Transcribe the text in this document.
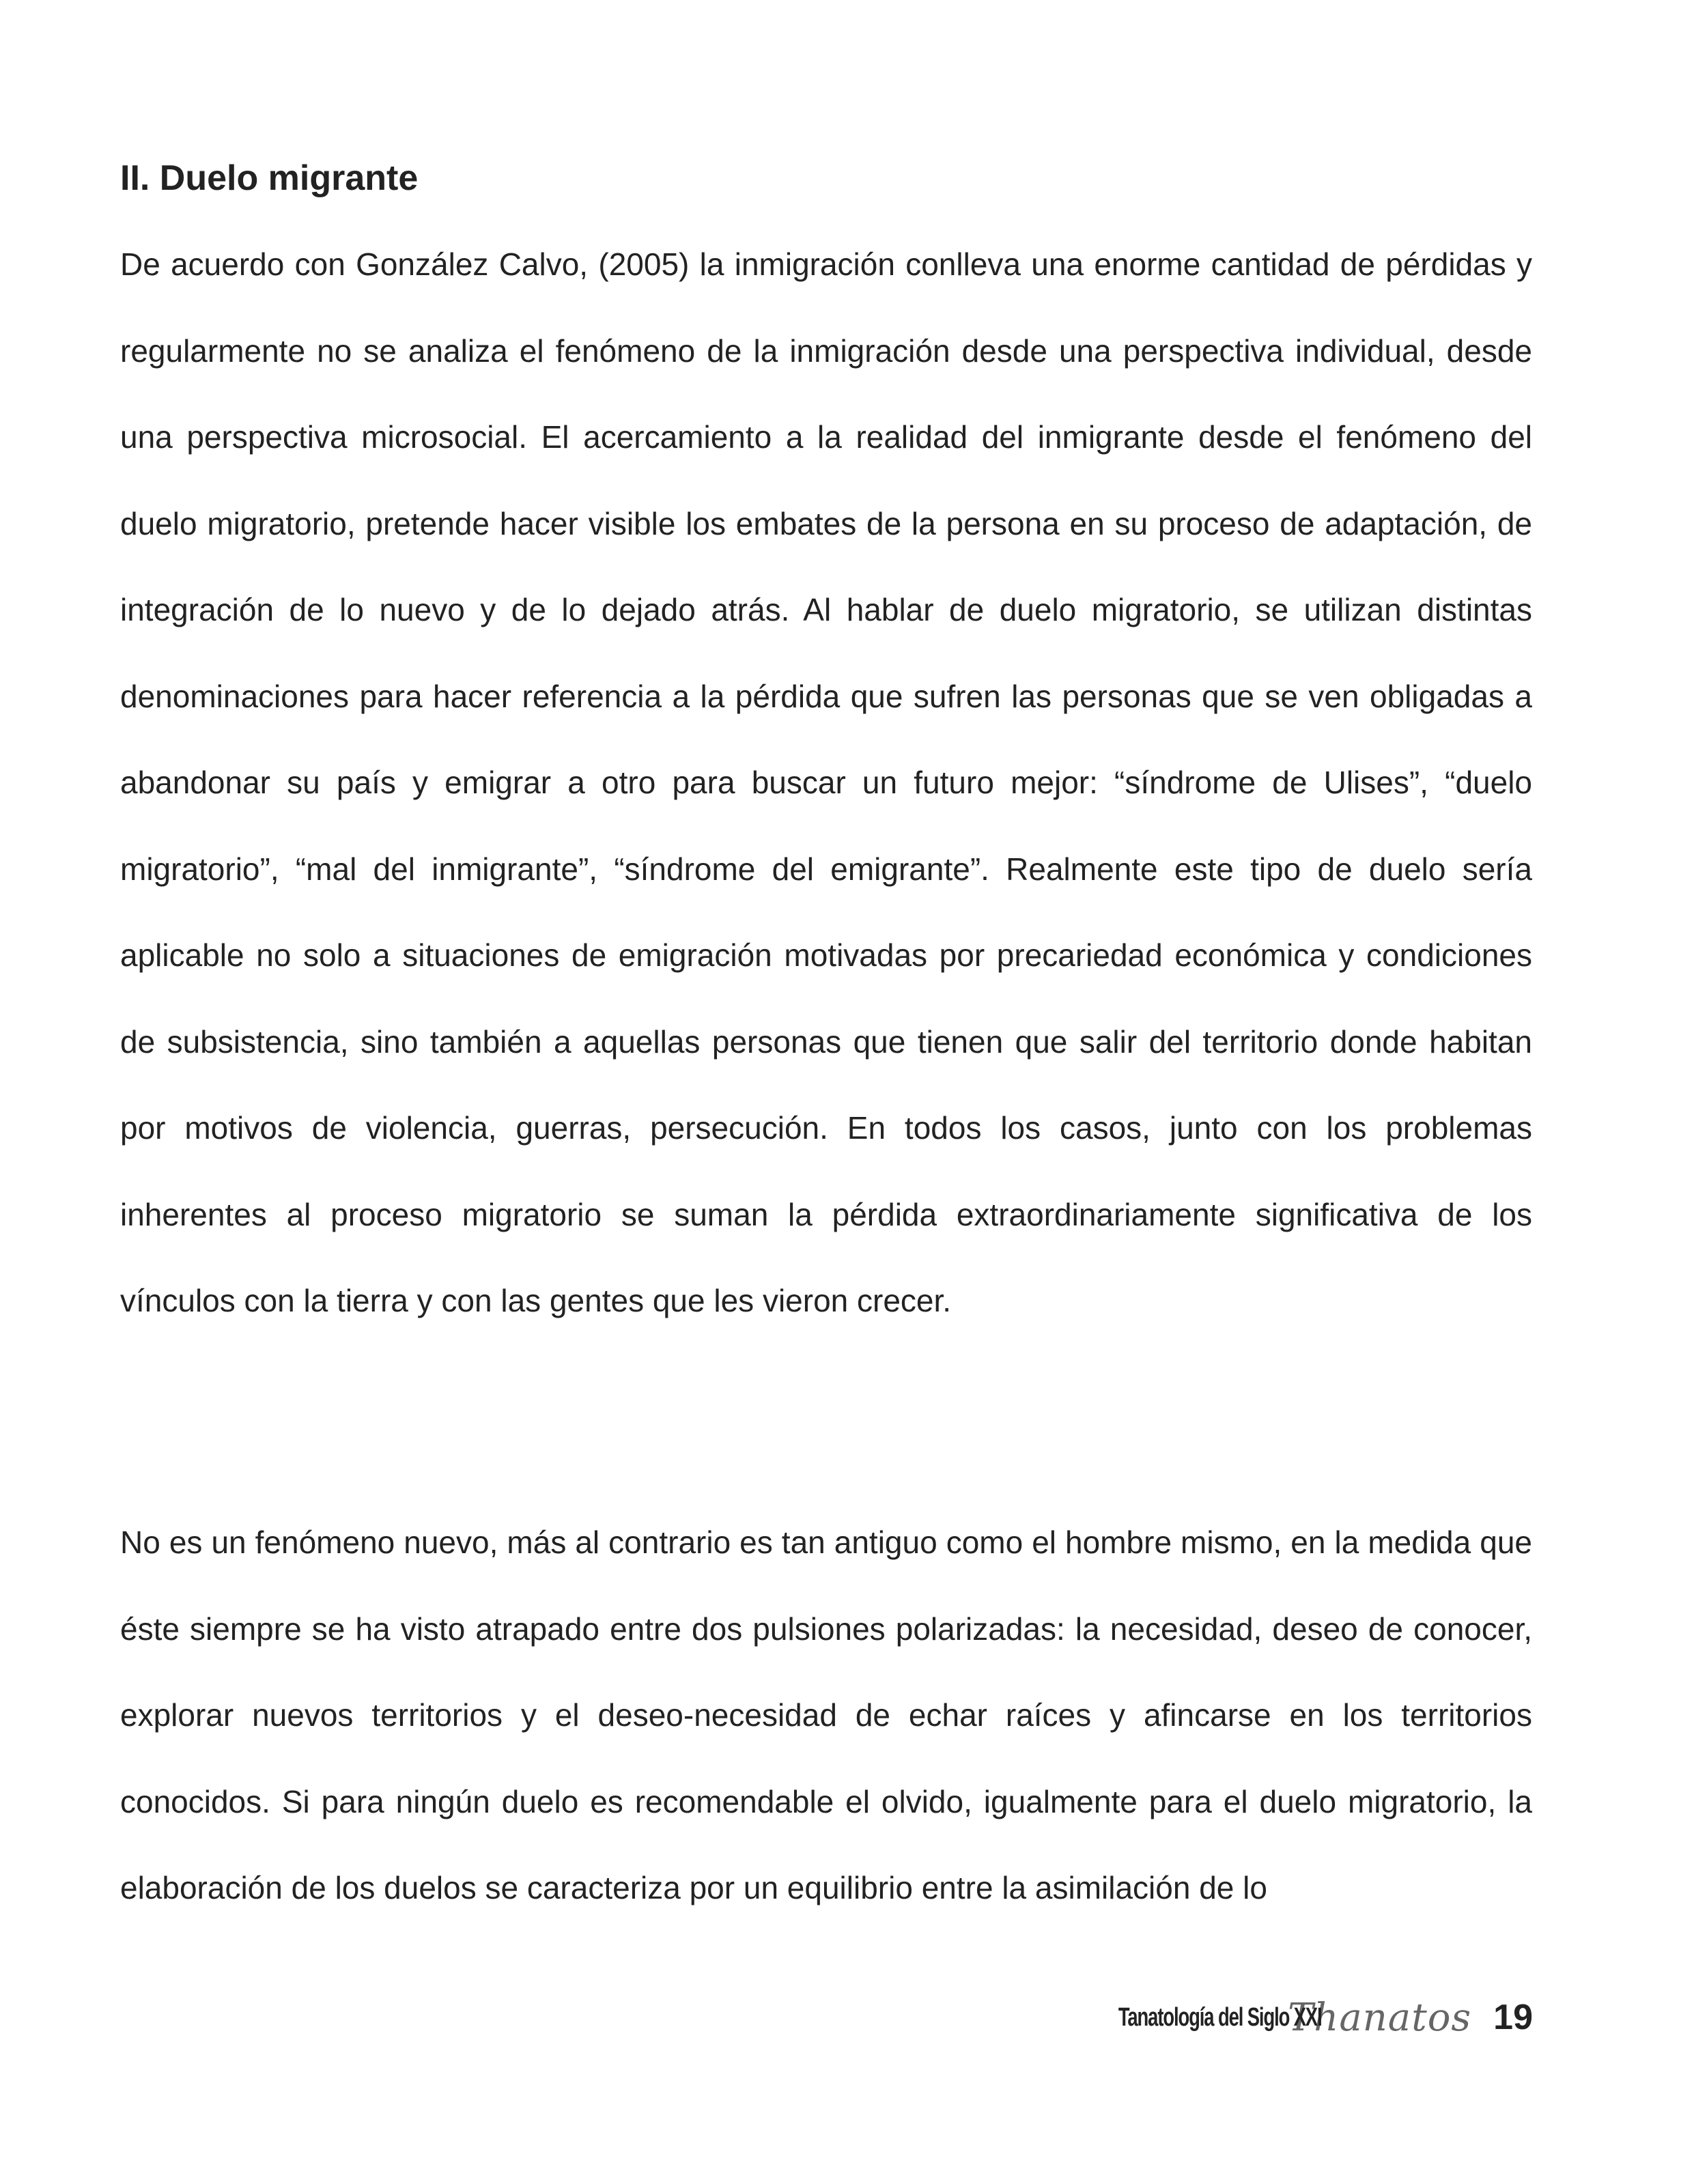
II. Duelo migrante

De acuerdo con González Calvo, (2005) la inmigración conlleva una enorme cantidad de pérdidas y regularmente no se analiza el fenómeno de la inmigración desde una perspectiva individual, desde una perspectiva microsocial. El acercamiento a la realidad del inmigrante desde el fenómeno del duelo migratorio, pretende hacer visible los embates de la persona en su proceso de adaptación, de integración de lo nuevo y de lo dejado atrás. Al hablar de duelo migratorio, se utilizan distintas denominaciones para hacer referencia a la pérdida que sufren las personas que se ven obligadas a abandonar su país y emigrar a otro para buscar un futuro mejor: “síndrome de Ulises”, “duelo migratorio”, “mal del inmigrante”, “síndrome del emigrante”. Realmente este tipo de duelo sería aplicable no solo a situaciones de emigración motivadas por precariedad económica y condiciones de subsistencia, sino también a aquellas personas que tienen que salir del territorio donde habitan por motivos de violencia, guerras, persecución. En todos los casos, junto con los problemas inherentes al proceso migratorio se suman la pérdida extraordinariamente significativa de los vínculos con la tierra y con las gentes que les vieron crecer.

No es un fenómeno nuevo, más al contrario es tan antiguo como el hombre mismo, en la medida que éste siempre se ha visto atrapado entre dos pulsiones polarizadas: la necesidad, deseo de conocer, explorar nuevos territorios y el deseo-necesidad de echar raíces y afincarse en los territorios conocidos. Si para ningún duelo es recomendable el olvido, igualmente para el duelo migratorio, la elaboración de los duelos se caracteriza por un equilibrio entre la asimilación de lo

Tanatología del Siglo XXI
Thanatos 19
